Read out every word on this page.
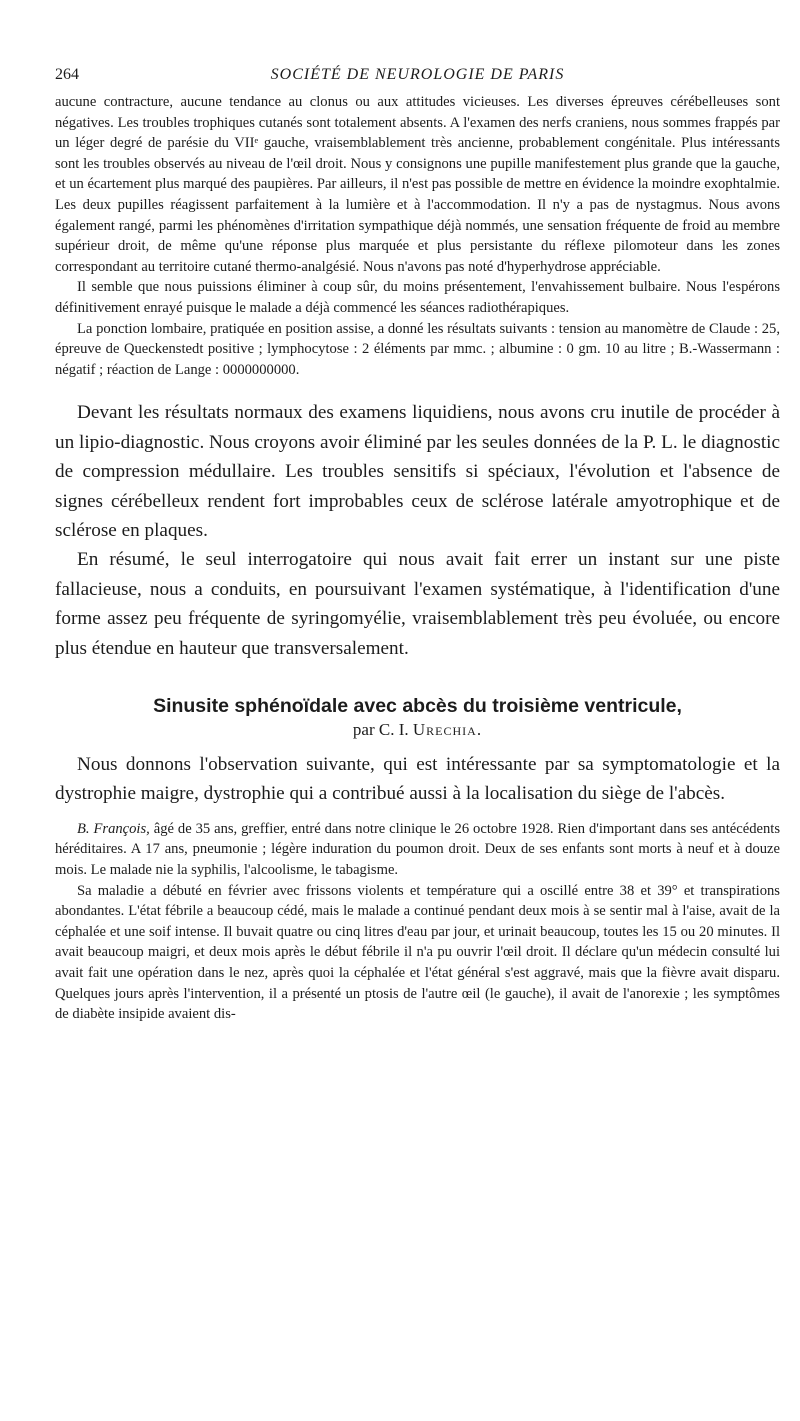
264	SOCIÉTÉ DE NEUROLOGIE DE PARIS

aucune contracture, aucune tendance au clonus ou aux attitudes vicieuses. Les diverses épreuves cérébelleuses sont négatives. Les troubles trophiques cutanés sont totalement absents. A l'examen des nerfs craniens, nous sommes frappés par un léger degré de parésie du VIIᵉ gauche, vraisemblablement très ancienne, probablement congénitale. Plus intéressants sont les troubles observés au niveau de l'œil droit. Nous y consignons une pupille manifestement plus grande que la gauche, et un écartement plus marqué des paupières. Par ailleurs, il n'est pas possible de mettre en évidence la moindre exophtalmie. Les deux pupilles réagissent parfaitement à la lumière et à l'accommodation. Il n'y a pas de nystagmus. Nous avons également rangé, parmi les phénomènes d'irritation sympathique déjà nommés, une sensation fréquente de froid au membre supérieur droit, de même qu'une réponse plus marquée et plus persistante du réflexe pilomoteur dans les zones correspondant au territoire cutané thermo-analgésié. Nous n'avons pas noté d'hyperhydrose appréciable.

Il semble que nous puissions éliminer à coup sûr, du moins présentement, l'envahissement bulbaire. Nous l'espérons définitivement enrayé puisque le malade a déjà commencé les séances radiothérapiques.

La ponction lombaire, pratiquée en position assise, a donné les résultats suivants : tension au manomètre de Claude : 25, épreuve de Queckenstedt positive ; lymphocytose : 2 éléments par mmc. ; albumine : 0 gm. 10 au litre ; B.-Wassermann : négatif ; réaction de Lange : 0000000000.

Devant les résultats normaux des examens liquidiens, nous avons cru inutile de procéder à un lipio-diagnostic. Nous croyons avoir éliminé par les seules données de la P. L. le diagnostic de compression médullaire. Les troubles sensitifs si spéciaux, l'évolution et l'absence de signes cérébelleux rendent fort improbables ceux de sclérose latérale amyotrophique et de sclérose en plaques.

En résumé, le seul interrogatoire qui nous avait fait errer un instant sur une piste fallacieuse, nous a conduits, en poursuivant l'examen systématique, à l'identification d'une forme assez peu fréquente de syringomyélie, vraisemblablement très peu évoluée, ou encore plus étendue en hauteur que transversalement.

Sinusite sphénoïdale avec abcès du troisième ventricule,
par C. I. Urechia.

Nous donnons l'observation suivante, qui est intéressante par sa symptomatologie et la dystrophie maigre, dystrophie qui a contribué aussi à la localisation du siège de l'abcès.

B. François, âgé de 35 ans, greffier, entré dans notre clinique le 26 octobre 1928. Rien d'important dans ses antécédents héréditaires. A 17 ans, pneumonie ; légère induration du poumon droit. Deux de ses enfants sont morts à neuf et à douze mois. Le malade nie la syphilis, l'alcoolisme, le tabagisme.

Sa maladie a débuté en février avec frissons violents et température qui a oscillé entre 38 et 39° et transpirations abondantes. L'état fébrile a beaucoup cédé, mais le malade a continué pendant deux mois à se sentir mal à l'aise, avait de la céphalée et une soif intense. Il buvait quatre ou cinq litres d'eau par jour, et urinait beaucoup, toutes les 15 ou 20 minutes. Il avait beaucoup maigri, et deux mois après le début fébrile il n'a pu ouvrir l'œil droit. Il déclare qu'un médecin consulté lui avait fait une opération dans le nez, après quoi la céphalée et l'état général s'est aggravé, mais que la fièvre avait disparu. Quelques jours après l'intervention, il a présenté un ptosis de l'autre œil (le gauche), il avait de l'anorexie ; les symptômes de diabète insipide avaient dis-
